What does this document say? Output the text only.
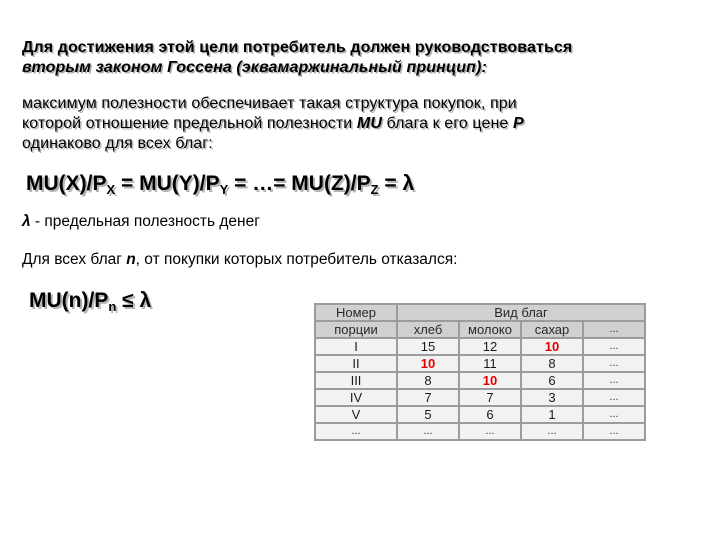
Для достижения этой цели потребитель должен руководствоваться
вторым законом Госсена (эквамаржинальный принцип):
максимум полезности обеспечивает такая структура покупок, при
которой отношение предельной полезности MU блага к его цене P
одинаково для всех благ:
$MU(X)/P_X = MU(Y)/P_Y$ = …= $MU(Z)/P_Z = \lambda$
λ - предельная полезность денег
Для всех благ n, от покупки которых потребитель отказался:
$MU(n)/P_n \le \lambda$
Номер	Вид благ			
порции	хлеб	молоко	сахар	...
I	15	12	10	...
II	10	11	8	...
III	8	10	6	...
IV	7	7	3	...
V	5	6	1	...
...	...	...	...	...
